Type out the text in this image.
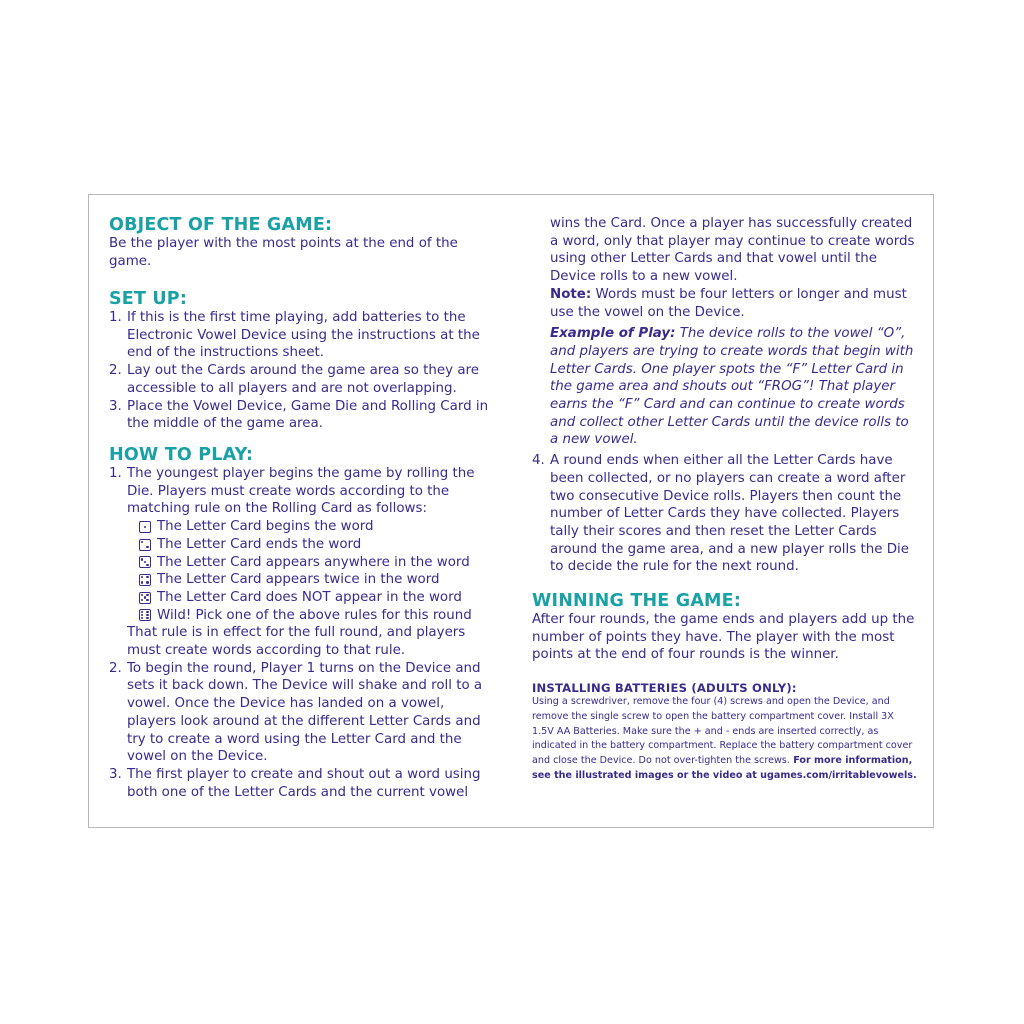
OBJECT OF THE GAME:
Be the player with the most points at the end of the game.
SET UP:
1. If this is the first time playing, add batteries to the Electronic Vowel Device using the instructions at the end of the instructions sheet.
2. Lay out the Cards around the game area so they are accessible to all players and are not overlapping.
3. Place the Vowel Device, Game Die and Rolling Card in the middle of the game area.
HOW TO PLAY:
1. The youngest player begins the game by rolling the Die. Players must create words according to the matching rule on the Rolling Card as follows:
The Letter Card begins the word
The Letter Card ends the word
The Letter Card appears anywhere in the word
The Letter Card appears twice in the word
The Letter Card does NOT appear in the word
Wild! Pick one of the above rules for this round
That rule is in effect for the full round, and players must create words according to that rule.
2. To begin the round, Player 1 turns on the Device and sets it back down. The Device will shake and roll to a vowel. Once the Device has landed on a vowel, players look around at the different Letter Cards and try to create a word using the Letter Card and the vowel on the Device.
3. The first player to create and shout out a word using both one of the Letter Cards and the current vowel
wins the Card. Once a player has successfully created a word, only that player may continue to create words using other Letter Cards and that vowel until the Device rolls to a new vowel.
Note: Words must be four letters or longer and must use the vowel on the Device.
Example of Play: The device rolls to the vowel “O”, and players are trying to create words that begin with Letter Cards. One player spots the “F” Letter Card in the game area and shouts out “FROG”! That player earns the “F” Card and can continue to create words and collect other Letter Cards until the device rolls to a new vowel.
4. A round ends when either all the Letter Cards have been collected, or no players can create a word after two consecutive Device rolls. Players then count the number of Letter Cards they have collected. Players tally their scores and then reset the Letter Cards around the game area, and a new player rolls the Die to decide the rule for the next round.
WINNING THE GAME:
After four rounds, the game ends and players add up the number of points they have. The player with the most points at the end of four rounds is the winner.
INSTALLING BATTERIES (ADULTS ONLY):
Using a screwdriver, remove the four (4) screws and open the Device, and remove the single screw to open the battery compartment cover. Install 3X 1.5V AA Batteries. Make sure the + and - ends are inserted correctly, as indicated in the battery compartment. Replace the battery compartment cover and close the Device. Do not over-tighten the screws. For more information, see the illustrated images or the video at ugames.com/irritablevowels.
